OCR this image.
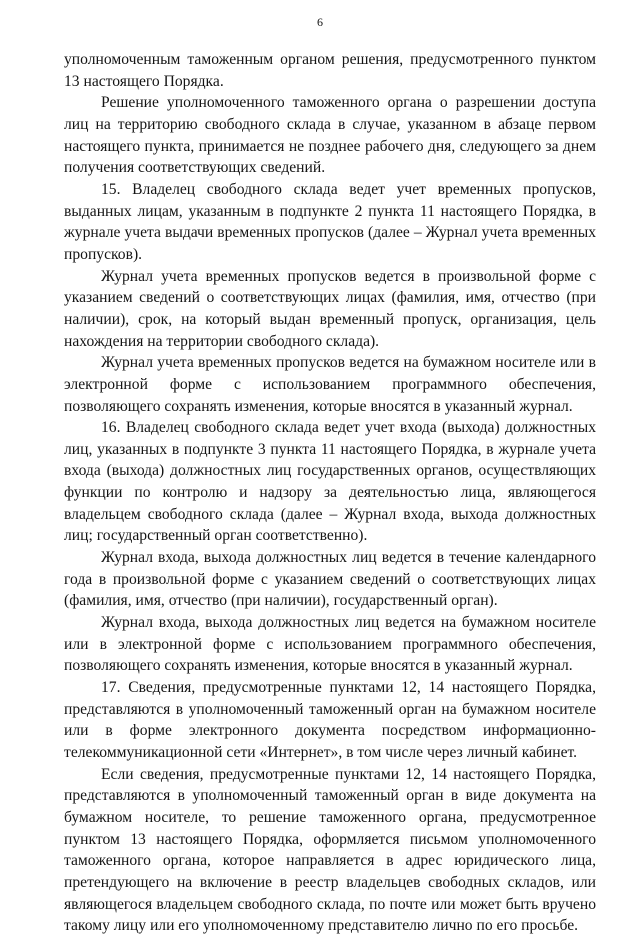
6

уполномоченным таможенным органом решения, предусмотренного пунктом 13 настоящего Порядка.

Решение уполномоченного таможенного органа о разрешении доступа лиц на территорию свободного склада в случае, указанном в абзаце первом настоящего пункта, принимается не позднее рабочего дня, следующего за днем получения соответствующих сведений.

15. Владелец свободного склада ведет учет временных пропусков, выданных лицам, указанным в подпункте 2 пункта 11 настоящего Порядка, в журнале учета выдачи временных пропусков (далее – Журнал учета временных пропусков).

Журнал учета временных пропусков ведется в произвольной форме с указанием сведений о соответствующих лицах (фамилия, имя, отчество (при наличии), срок, на который выдан временный пропуск, организация, цель нахождения на территории свободного склада).

Журнал учета временных пропусков ведется на бумажном носителе или в электронной форме с использованием программного обеспечения, позволяющего сохранять изменения, которые вносятся в указанный журнал.

16. Владелец свободного склада ведет учет входа (выхода) должностных лиц, указанных в подпункте 3 пункта 11 настоящего Порядка, в журнале учета входа (выхода) должностных лиц государственных органов, осуществляющих функции по контролю и надзору за деятельностью лица, являющегося владельцем свободного склада (далее – Журнал входа, выхода должностных лиц; государственный орган соответственно).

Журнал входа, выхода должностных лиц ведется в течение календарного года в произвольной форме с указанием сведений о соответствующих лицах (фамилия, имя, отчество (при наличии), государственный орган).

Журнал входа, выхода должностных лиц ведется на бумажном носителе или в электронной форме с использованием программного обеспечения, позволяющего сохранять изменения, которые вносятся в указанный журнал.

17. Сведения, предусмотренные пунктами 12, 14 настоящего Порядка, представляются в уполномоченный таможенный орган на бумажном носителе или в форме электронного документа посредством информационно-телекоммуникационной сети «Интернет», в том числе через личный кабинет.

Если сведения, предусмотренные пунктами 12, 14 настоящего Порядка, представляются в уполномоченный таможенный орган в виде документа на бумажном носителе, то решение таможенного органа, предусмотренное пунктом 13 настоящего Порядка, оформляется письмом уполномоченного таможенного органа, которое направляется в адрес юридического лица, претендующего на включение в реестр владельцев свободных складов, или являющегося владельцем свободного склада, по почте или может быть вручено такому лицу или его уполномоченному представителю лично по его просьбе.
